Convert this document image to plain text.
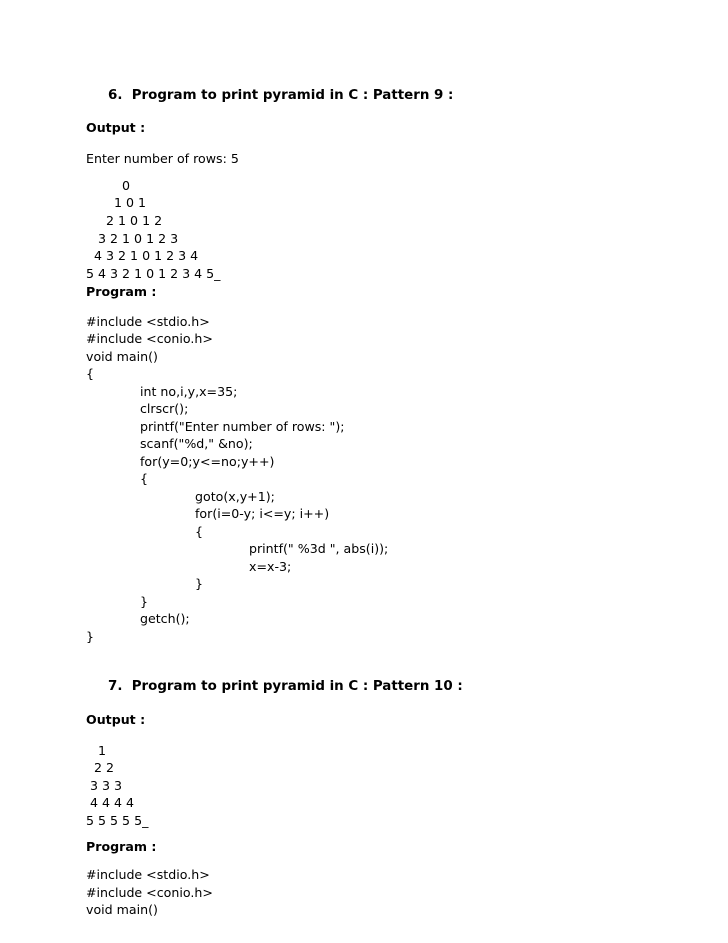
6.  Program to print pyramid in C : Pattern 9 :
Output :
Enter number of rows: 5
0
1 0 1
2 1 0 1 2
3 2 1 0 1 2 3
4 3 2 1 0 1 2 3 4
5 4 3 2 1 0 1 2 3 4 5_
Program :
#include <stdio.h>
#include <conio.h>
void main()
{
int no,i,y,x=35;
clrscr();
printf("Enter number of rows: ");
scanf("%d," &no);
for(y=0;y<=no;y++)
{
goto(x,y+1);
for(i=0-y; i<=y; i++)
{
printf(" %3d ", abs(i));
x=x-3;
}
}
getch();
}
7.  Program to print pyramid in C : Pattern 10 :
Output :
1
2 2
3 3 3
4 4 4 4
5 5 5 5 5_
Program :
#include <stdio.h>
#include <conio.h>
void main()
